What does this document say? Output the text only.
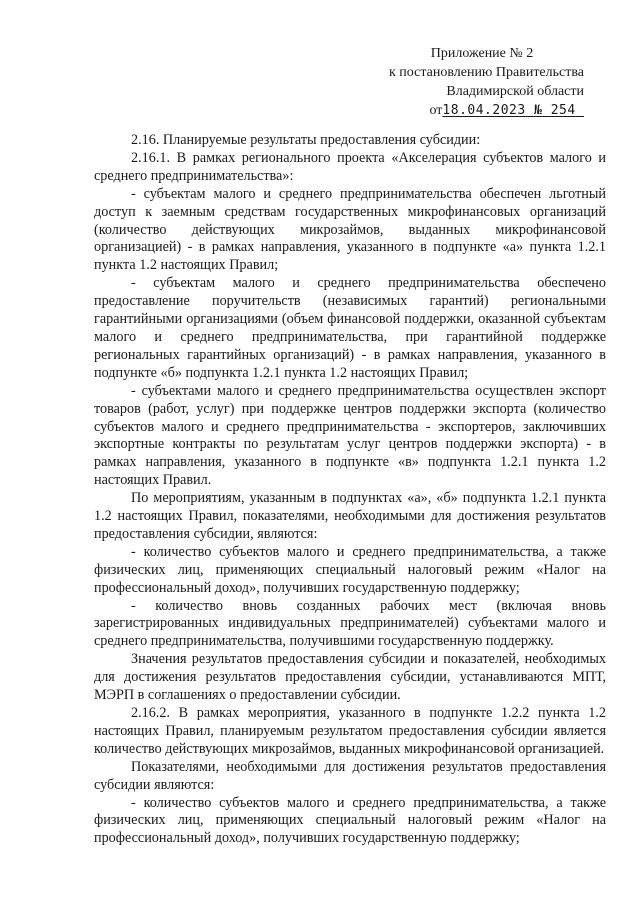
Приложение № 2
к постановлению Правительства
Владимирской области
от18.04.2023 № 254

2.16. Планируемые результаты предоставления субсидии:

2.16.1. В рамках регионального проекта «Акселерация субъектов малого и среднего предпринимательства»:

- субъектам малого и среднего предпринимательства обеспечен льготный доступ к заемным средствам государственных микрофинансовых организаций (количество действующих микрозаймов, выданных микрофинансовой организацией) - в рамках направления, указанного в подпункте «а» пункта 1.2.1 пункта 1.2 настоящих Правил;

- субъектам малого и среднего предпринимательства обеспечено предоставление поручительств (независимых гарантий) региональными гарантийными организациями (объем финансовой поддержки, оказанной субъектам малого и среднего предпринимательства, при гарантийной поддержке региональных гарантийных организаций) - в рамках направления, указанного в подпункте «б» подпункта 1.2.1 пункта 1.2 настоящих Правил;

- субъектами малого и среднего предпринимательства осуществлен экспорт товаров (работ, услуг) при поддержке центров поддержки экспорта (количество субъектов малого и среднего предпринимательства - экспортеров, заключивших экспортные контракты по результатам услуг центров поддержки экспорта) - в рамках направления, указанного в подпункте «в» подпункта 1.2.1 пункта 1.2 настоящих Правил.

По мероприятиям, указанным в подпунктах «а», «б» подпункта 1.2.1 пункта 1.2 настоящих Правил, показателями, необходимыми для достижения результатов предоставления субсидии, являются:

- количество субъектов малого и среднего предпринимательства, а также физических лиц, применяющих специальный налоговый режим «Налог на профессиональный доход», получивших государственную поддержку;

- количество вновь созданных рабочих мест (включая вновь зарегистрированных индивидуальных предпринимателей) субъектами малого и среднего предпринимательства, получившими государственную поддержку.

Значения результатов предоставления субсидии и показателей, необходимых для достижения результатов предоставления субсидии, устанавливаются МПТ, МЭРП в соглашениях о предоставлении субсидии.

2.16.2. В рамках мероприятия, указанного в подпункте 1.2.2 пункта 1.2 настоящих Правил, планируемым результатом предоставления субсидии является количество действующих микрозаймов, выданных микрофинансовой организацией.

Показателями, необходимыми для достижения результатов предоставления субсидии являются:

- количество субъектов малого и среднего предпринимательства, а также физических лиц, применяющих специальный налоговый режим «Налог на профессиональный доход», получивших государственную поддержку;
